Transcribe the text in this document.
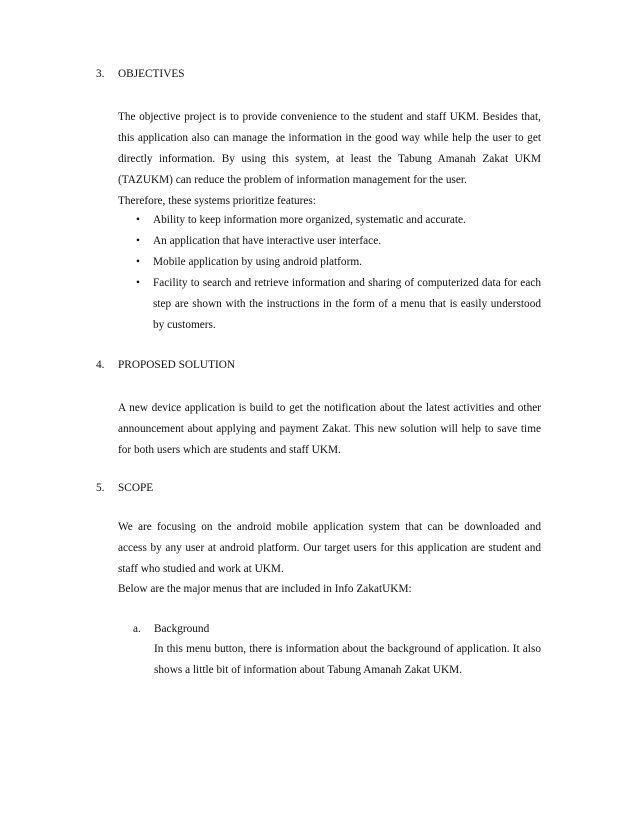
3. OBJECTIVES

The objective project is to provide convenience to the student and staff UKM. Besides that, this application also can manage the information in the good way while help the user to get directly information. By using this system, at least the Tabung Amanah Zakat UKM (TAZUKM) can reduce the problem of information management for the user.

Therefore, these systems prioritize features:

• Ability to keep information more organized, systematic and accurate.
• An application that have interactive user interface.
• Mobile application by using android platform.
• Facility to search and retrieve information and sharing of computerized data for each step are shown with the instructions in the form of a menu that is easily understood by customers.
4. PROPOSED SOLUTION

A new device application is build to get the notification about the latest activities and other announcement about applying and payment Zakat. This new solution will help to save time for both users which are students and staff UKM.

5. SCOPE

We are focusing on the android mobile application system that can be downloaded and access by any user at android platform. Our target users for this application are student and staff who studied and work at UKM.

Below are the major menus that are included in Info ZakatUKM:

a. Background

In this menu button, there is information about the background of application. It also shows a little bit of information about Tabung Amanah Zakat UKM.
